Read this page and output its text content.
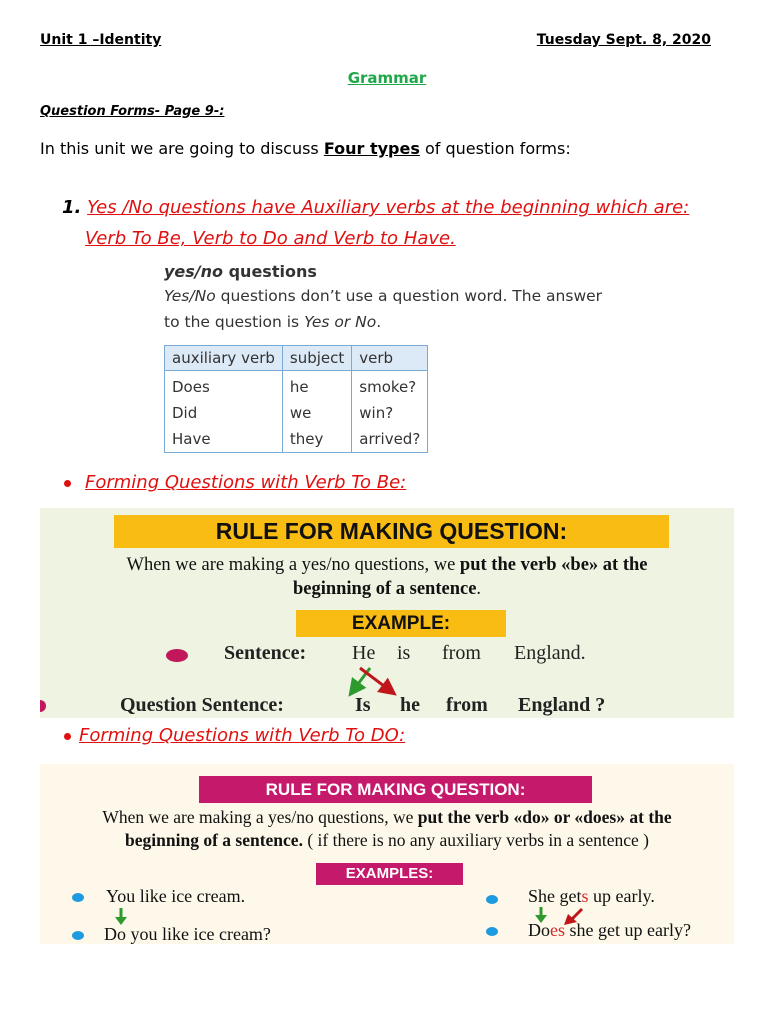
Unit 1 –Identity	Tuesday Sept. 8, 2020
Grammar
Question Forms- Page 9-:
In this unit we are going to discuss Four types of question forms:
1. Yes /No questions have Auxiliary verbs at the beginning which are:
Verb To Be, Verb to Do and Verb to Have.
yes/no questions
Yes/No questions don’t use a question word. The answer
to the question is Yes or No.
auxiliary verb	subject	verb
Does	he	smoke?
Did	we	win?
Have	they	arrived?
Forming Questions with Verb To Be:
RULE FOR MAKING QUESTION:
When we are making a yes/no questions, we put the verb «be» at the
beginning of a sentence.
EXAMPLE:
Sentence: He is from England.
Question Sentence:	Is he from England ?
Forming Questions with Verb To DO:
RULE FOR MAKING QUESTION:
When we are making a yes/no questions, we put the verb «do» or «does» at the
beginning of a sentence. ( if there is no any auxiliary verbs in a sentence )
EXAMPLES:
You like ice cream.
Do you like ice cream?
She gets up early.
Does she get up early?
